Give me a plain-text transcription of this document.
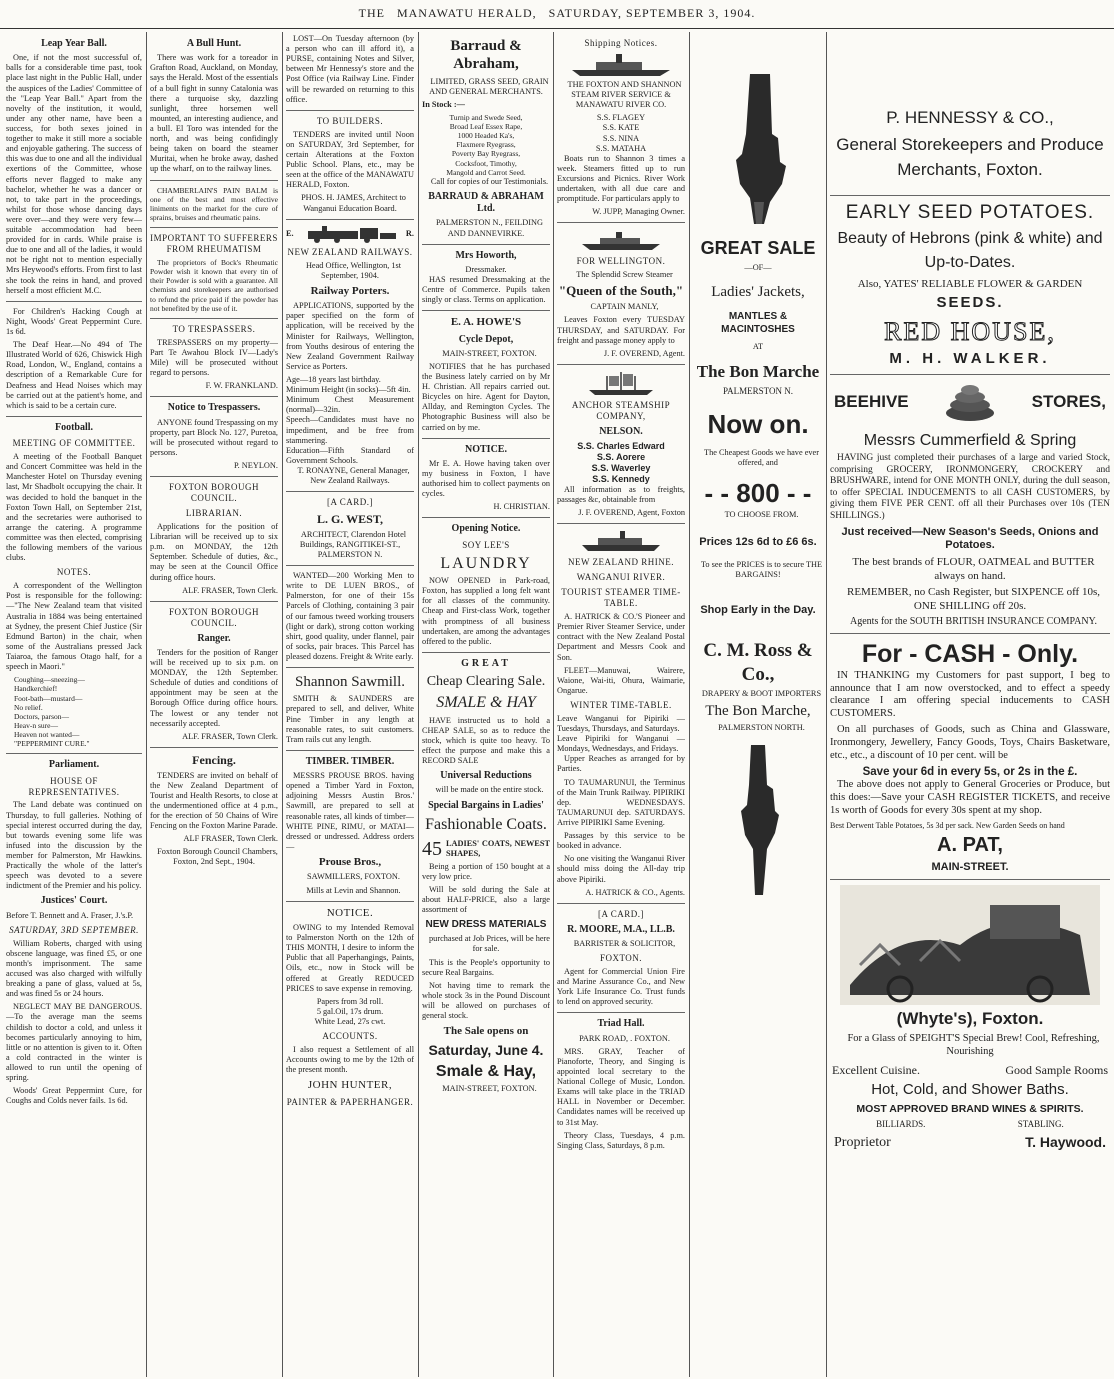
THE MANAWATU HERALD, SATURDAY, SEPTEMBER 3, 1904.
Leap Year Ball.

One, if not the most successful of, balls for a considerable time past, took place last night in the Public Hall, under the auspices of the Ladies' Committee of the "Leap Year Ball." Apart from the novelty of the institution, it would, under any other name, have been a success, for both sexes joined in together to make it still more a sociable and enjoyable gathering. The success of this was due to one and all the individual exertions of the Committee, whose efforts never flagged to make any bachelor, whether he was a dancer or not, to take part in the proceedings, whilst for those whose dancing days were over—and they were very few—suitable accommodation had been provided for in cards. While praise is due to one and all of the ladies, it would not be right not to mention especially Mrs Heywood's efforts. From first to last she took the reins in hand, and proved herself a most efficient M.C.

For Children's Hacking Cough at Night, Woods' Great Peppermint Cure. 1s 6d.

The Deaf Hear.—No 494 of The Illustrated World of 626, Chiswick High Road, London, W., England, contains a description of a Remarkable Cure for Deafness and Head Noises which may be carried out at the patient's home, and which is said to be a certain cure.

Football.
MEETING OF COMMITTEE.

A meeting of the Football Banquet and Concert Committee was held in the Manchester Hotel on Thursday evening last, Mr Shadbolt occupying the chair. It was decided to hold the banquet in the Foxton Town Hall, on September 21st, and the secretaries were authorised to arrange the catering. A programme committee was then elected, comprising the following members of the various clubs.

NOTES.

A correspondent of the Wellington Post is responsible for the following:—"The New Zealand team that visited Australia in 1884 was being entertained at Sydney, the present Chief Justice (Sir Edmund Barton) in the chair, when some of the Australians pressed Jack Taiaroa, the famous Otago half, for a speech in Maori."

Coughing—sneezing—
Handkerchief!
Foot-bath—mustard—
No relief.
Doctors, parson—
Heav-n sure—
Heaven not wanted—
"PEPPERMINT CURE."
Parliament.
HOUSE OF REPRESENTATIVES.

The Land debate was continued on Thursday, to full galleries. Nothing of special interest occurred during the day, but towards evening some life was infused into the discussion by the member for Palmerston, Mr Hawkins. Practically the whole of the latter's speech was devoted to a severe indictment of the Premier and his policy.

Justices' Court.

Before T. Bennett and A. Fraser, J.'s.P.

SATURDAY, 3RD SEPTEMBER.

William Roberts, charged with using obscene language, was fined £5, or one month's imprisonment. The same accused was also charged with wilfully breaking a pane of glass, valued at 5s, and was fined 5s or 24 hours.

NEGLECT MAY BE DANGEROUS.—To the average man the seems childish to doctor a cold, and unless it becomes particularly annoying to him, little or no attention is given to it. Often a cold contracted in the winter is allowed to run until the opening of spring.

Woods' Great Peppermint Cure, for Coughs and Colds never fails. 1s 6d.

A Bull Hunt.

There was work for a toreador in Grafton Road, Auckland, on Monday, says the Herald. Most of the essentials of a bull fight in sunny Catalonia was there a turquoise sky, dazzling sunlight, three horsemen well mounted, an interesting audience, and a bull. El Toro was intended for the north, and was being confidingly being taken on board the steamer Muritai, when he broke away, dashed up the wharf, on to the railway lines.

CHAMBERLAIN'S PAIN BALM is one of the best and most effective liniments on the market for the cure of sprains, bruises and rheumatic pains.

IMPORTANT TO SUFFERERS FROM RHEUMATISM

The proprietors of Bock's Rheumatic Powder wish it known that every tin of their Powder is sold with a guarantee. All chemists and storekeepers are authorised to refund the price paid if the powder has not benefited by the use of it.

TO TRESPASSERS.

TRESPASSERS on my property—Part Te Awahou Block IV—Lady's Mile) will be prosecuted without regard to persons.

F. W. FRANKLAND.

Notice to Trespassers.

ANYONE found Trespassing on my property, part Block No. 127, Puretoa, will be prosecuted without regard to persons.

P. NEYLON.

FOXTON BOROUGH COUNCIL.
LIBRARIAN.

Applications for the position of Librarian will be received up to six p.m. on MONDAY, the 12th September. Schedule of duties, &c., may be seen at the Council Office during office hours.

ALF. FRASER, Town Clerk.

FOXTON BOROUGH COUNCIL.
Ranger.

Tenders for the position of Ranger will be received up to six p.m. on MONDAY, the 12th September. Schedule of duties and conditions of appointment may be seen at the Borough Office during office hours. The lowest or any tender not necessarily accepted.

ALF. FRASER, Town Clerk.

Fencing.

TENDERS are invited on behalf of the New Zealand Department of Tourist and Health Resorts, to close at the undermentioned office at 4 p.m., for the erection of 50 Chains of Wire Fencing on the Foxton Marine Parade.

ALF FRASER, Town Clerk.

Foxton Borough Council Chambers, Foxton, 2nd Sept., 1904.

LOST—On Tuesday afternoon (by a person who can ill afford it), a PURSE, containing Notes and Silver, between Mr Hennessy's store and the Post Office (via Railway Line. Finder will be rewarded on returning to this office.

TO BUILDERS.

TENDERS are invited until Noon on SATURDAY, 3rd September, for certain Alterations at the Foxton Public School. Plans, etc., may be seen at the office of the MANAWATU HERALD, Foxton.

PHOS. H. JAMES, Architect to Wanganui Education Board.

E.	R.
NEW ZEALAND RAILWAYS.

Head Office, Wellington, 1st September, 1904.

Railway Porters.

APPLICATIONS, supported by the paper specified on the form of application, will be received by the Minister for Railways, Wellington, from Youths desirous of entering the New Zealand Government Railway Service as Porters.

Age—18 years last birthday.
Minimum Height (in socks)—5ft 4in.
Minimum Chest Measurement (normal)—32in.
Speech—Candidates must have no impediment, and be free from stammering.
Education—Fifth Standard of Government Schools.

T. RONAYNE, General Manager, New Zealand Railways.

[A CARD.]
L. G. WEST,

ARCHITECT, Clarendon Hotel Buildings, RANGITIKEI-ST., PALMERSTON N.

WANTED—200 Working Men to write to DE LUEN BROS., of Palmerston, for one of their 15s Parcels of Clothing, containing 3 pair of our famous tweed working trousers (light or dark), strong cotton working shirt, good quality, under flannel, pair of socks, pair braces. This Parcel has pleased dozens. Freight & Write early.

Shannon Sawmill.

SMITH & SAUNDERS are prepared to sell, and deliver, White Pine Timber in any length at reasonable rates, to suit customers. Tram rails cut any length.

TIMBER. TIMBER.

MESSRS PROUSE BROS. having opened a Timber Yard in Foxton, adjoining Messrs Austin Bros.' Sawmill, are prepared to sell at reasonable rates, all kinds of timber—WHITE PINE, RIMU, or MATAI—dressed or undressed. Address orders—

Prouse Bros.,

SAWMILLERS, FOXTON.

Mills at Levin and Shannon.

NOTICE.

OWING to my Intended Removal to Palmerston North on the 12th of THIS MONTH, I desire to inform the Public that all Paperhangings, Paints, Oils, etc., now in Stock will be offered at Greatly REDUCED PRICES to save expense in removing.

Papers from 3d roll.
5 gal.Oil, 17s drum.
White Lead, 27s cwt.
ACCOUNTS.

I also request a Settlement of all Accounts owing to me by the 12th of the present month.

JOHN HUNTER,
PAINTER & PAPERHANGER.
Barraud & Abraham,

LIMITED, GRASS SEED, GRAIN AND GENERAL MERCHANTS.

In Stock :—

Turnip and Swede Seed,
Broad Leaf Essex Rape,
1000 Headed Ka's,
Flaxmere Ryegrass,
Poverty Bay Ryegrass,
Cocksfoot, Timothy,
Mangold and Carrot Seed.

Call for copies of our Testimonials.

BARRAUD & ABRAHAM Ltd.

PALMERSTON N., FEILDING AND DANNEVIRKE.

Mrs Howorth,
Dressmaker.

HAS resumed Dressmaking at the Centre of Commerce. Pupils taken singly or class. Terms on application.

E. A. HOWE'S
Cycle Depot,

MAIN-STREET, FOXTON.

NOTIFIES that he has purchased the Business lately carried on by Mr H. Christian. All repairs carried out. Bicycles on hire. Agent for Dayton, Allday, and Remington Cycles. The Photographic Business will also be carried on by me.

NOTICE.

Mr E. A. Howe having taken over my business in Foxton, I have authorised him to collect payments on cycles.

H. CHRISTIAN.

Opening Notice.
SOY LEE'S
LAUNDRY

NOW OPENED in Park-road, Foxton, has supplied a long felt want for all classes of the community. Cheap and First-class Work, together with promptness of all business undertaken, are among the advantages offered to the public.

GREAT
Cheap Clearing Sale.
SMALE & HAY

HAVE instructed us to hold a CHEAP SALE, so as to reduce the stock, which is quite too heavy. To effect the purpose and make this a RECORD SALE

Universal Reductions

will be made on the entire stock.

Special Bargains in Ladies'
Fashionable Coats.
45 LADIES' COATS, NEWEST SHAPES,

Being a portion of 150 bought at a very low price.

Will be sold during the Sale at about HALF-PRICE, also a large assortment of

NEW DRESS MATERIALS

purchased at Job Prices, will be here for sale.

This is the People's opportunity to secure Real Bargains.

Not having time to remark the whole stock 3s in the Pound Discount will be allowed on purchases of general stock.

The Sale opens on
Saturday, June 4.
Smale & Hay,

MAIN-STREET, FOXTON.

Shipping Notices.

THE FOXTON AND SHANNON STEAM RIVER SERVICE & MANAWATU RIVER CO.

S.S. FLAGEY
S.S. KATE
S.S. NINA
S.S. MATAHA

Boats run to Shannon 3 times a week. Steamers fitted up to run Excursions and Picnics. River Work undertaken, with all due care and promptitude. For particulars apply to

W. JUPP, Managing Owner.

FOR WELLINGTON.

The Splendid Screw Steamer

"Queen of the South,"

CAPTAIN MANLY,

Leaves Foxton every TUESDAY THURSDAY, and SATURDAY. For freight and passage money apply to

J. F. OVEREND, Agent.

ANCHOR STEAMSHIP COMPANY,
NELSON.
S.S. Charles Edward
S.S. Aorere
S.S. Waverley
S.S. Kennedy

All information as to freights, passages &c, obtainable from

J. F. OVEREND, Agent, Foxton

NEW ZEALAND RHINE.
WANGANUI RIVER.
TOURIST STEAMER TIME-TABLE.

A. HATRICK & CO.'S Pioneer and Premier River Steamer Service, under contract with the New Zealand Postal Department and Messrs Cook and Son.

FLEET—Manuwai, Wairere, Waione, Wai-iti, Ohura, Waimarie, Ongarue.

WINTER TIME-TABLE.
Leave Wanganui for Pipiriki — Tuesdays, Thursdays, and Saturdays.
Leave Pipiriki for Wanganui — Mondays, Wednesdays, and Fridays.

Upper Reaches as arranged for by Parties.

TO TAUMARUNUI, the Terminus of the Main Trunk Railway. PIPIRIKI dep. WEDNESDAYS. TAUMARUNUI dep. SATURDAYS. Arrive PIPIRIKI Same Evening.

Passages by this service to be booked in advance.

No one visiting the Wanganui River should miss doing the All-day trip above Pipiriki.

A. HATRICK & CO., Agents.

[A CARD.]
R. MOORE, M.A., LL.B.

BARRISTER & SOLICITOR,

FOXTON.

Agent for Commercial Union Fire and Marine Assurance Co., and New York Life Insurance Co. Trust funds to lend on approved security.

Triad Hall.

PARK ROAD, . FOXTON.

MRS. GRAY, Teacher of Pianoforte, Theory, and Singing is appointed local secretary to the National College of Music, London. Exams will take place in the TRIAD HALL in November or December. Candidates names will be received up to 31st May.

Theory Class, Tuesdays, 4 p.m. Singing Class, Saturdays, 8 p.m.

GREAT SALE
—OF—
Ladies' Jackets,
MANTLES & MACINTOSHES
AT
The Bon Marche
PALMERSTON N.
Now on.

The Cheapest Goods we have ever offered, and

- - 800 - -

TO CHOOSE FROM.

Prices 12s 6d to £6 6s.

To see the PRICES is to secure THE BARGAINS!

Shop Early in the Day.
C. M. Ross & Co.,

DRAPERY & BOOT IMPORTERS

The Bon Marche,

PALMERSTON NORTH.

P. HENNESSY & CO.,
General Storekeepers and Produce Merchants, Foxton.
EARLY SEED POTATOES.
Beauty of Hebrons (pink & white) and Up-to-Dates.
Also, YATES' RELIABLE FLOWER & GARDEN
SEEDS.
RED HOUSE,
M. H. WALKER.
BEEHIVE	STORES,
Messrs Cummerfield & Spring

HAVING just completed their purchases of a large and varied Stock, comprising GROCERY, IRONMONGERY, CROCKERY and BRUSHWARE, intend for ONE MONTH ONLY, during the dull season, to offer SPECIAL INDUCEMENTS to all CASH CUSTOMERS, by giving them FIVE PER CENT. off all their Purchases over 10s (TEN SHILLINGS.)

Just received—New Season's Seeds, Onions and Potatoes.

The best brands of FLOUR, OATMEAL and BUTTER always on hand.

REMEMBER, no Cash Register, but SIXPENCE off 10s, ONE SHILLING off 20s.

Agents for the SOUTH BRITISH INSURANCE COMPANY.

For - CASH - Only.

IN THANKING my Customers for past support, I beg to announce that I am now overstocked, and to effect a speedy clearance I am offering special inducements to CASH CUSTOMERS.

On all purchases of Goods, such as China and Glassware, Ironmongery, Jewellery, Fancy Goods, Toys, Chairs Basketware, etc., etc., a discount of 10 per cent. will be

Save your 6d in every 5s, or 2s in the £.

The above does not apply to General Groceries or Produce, but this does:—Save your CASH REGISTER TICKETS, and receive 1s worth of Goods for every 30s spent at my shop.

Best Derwent Table Potatoes, 5s 3d per sack. New Garden Seeds on hand

A. PAT,
MAIN-STREET.
(Whyte's), Foxton.

For a Glass of SPEIGHT'S Special Brew! Cool, Refreshing, Nourishing

Excellent Cuisine.	Good Sample Rooms
Hot, Cold, and Shower Baths.
MOST APPROVED BRAND WINES & SPIRITS.
BILLIARDS.	STABLING.
Proprietor	T. Haywood.
